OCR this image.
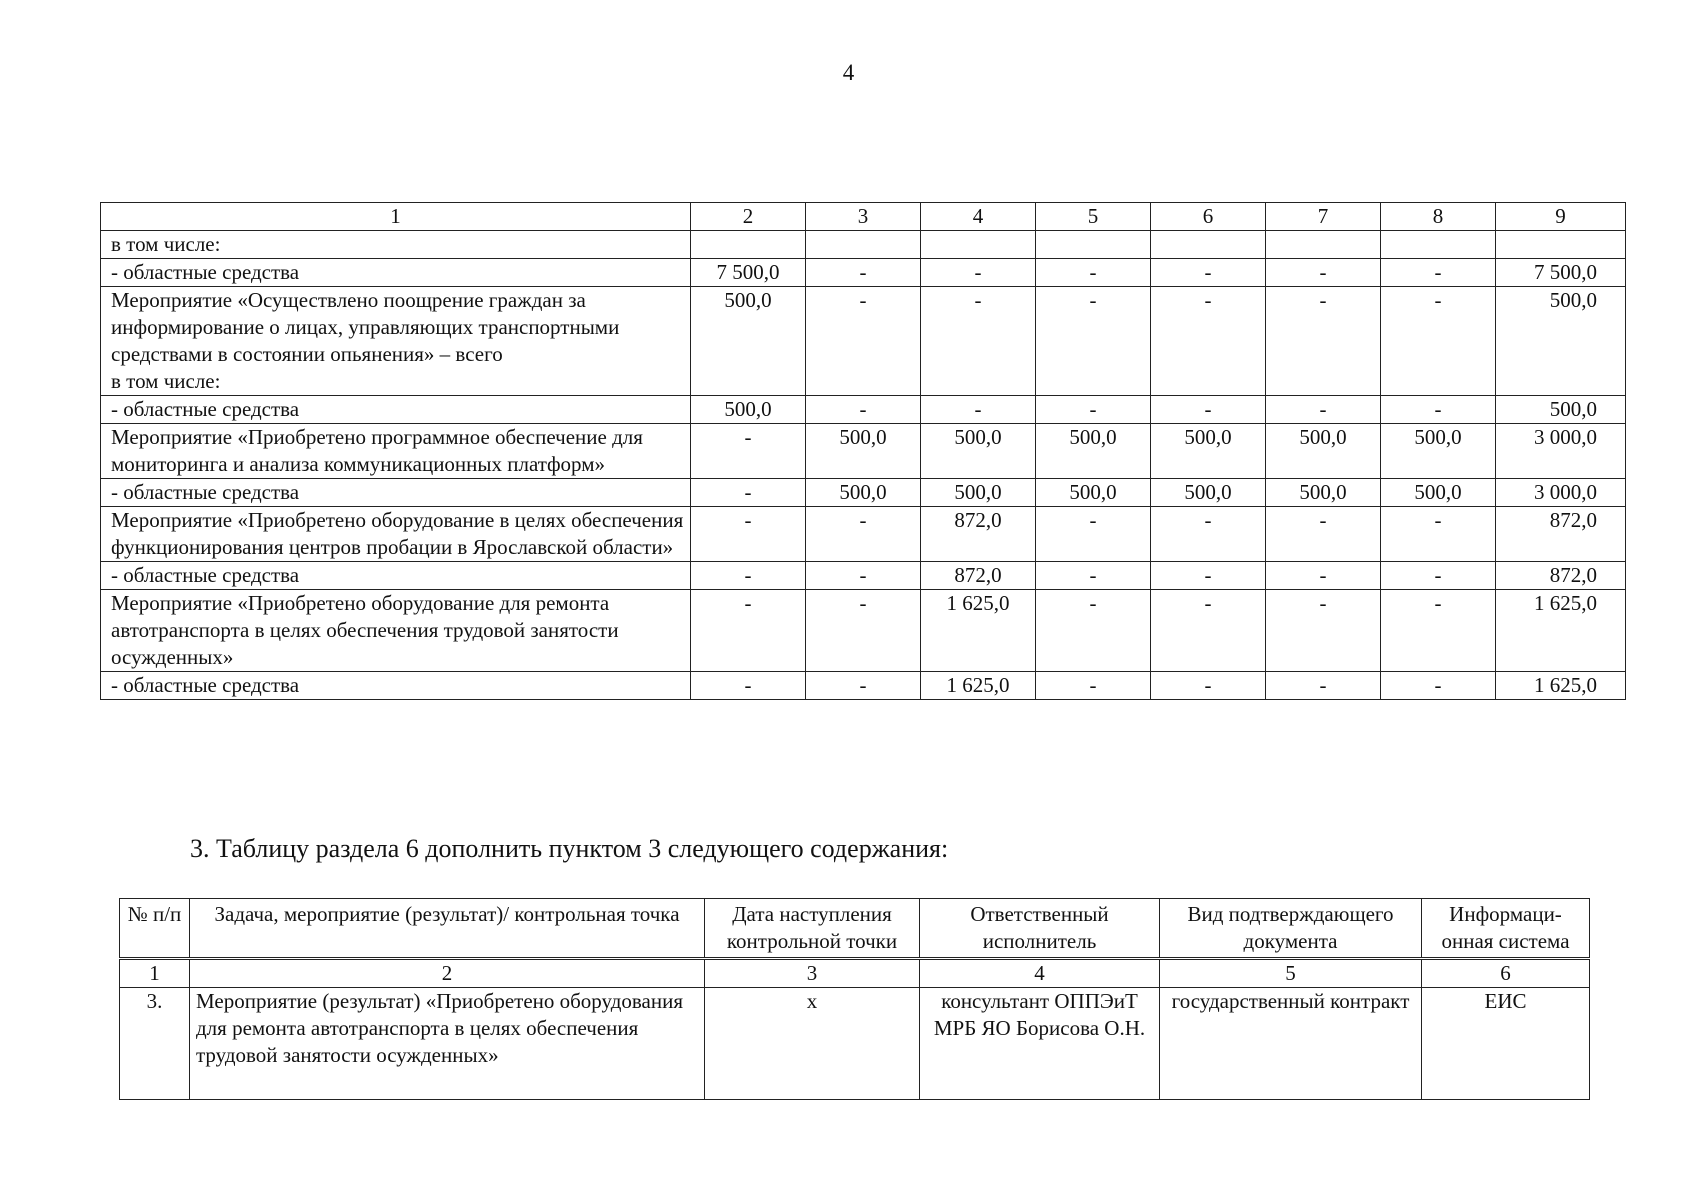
4
1	2	3	4	5	6	7	8	9
в том числе:								
- областные средства	7 500,0	-	-	-	-	-	-	7 500,0
Мероприятие «Осуществлено поощрение граждан за информирование о лицах, управляющих транспортными средствами в состоянии опьянения» – всего	500,0	-	-	-	-	-	-	500,0
в том числе:								
- областные средства	500,0	-	-	-	-	-	-	500,0
Мероприятие «Приобретено программное обеспечение для мониторинга и анализа коммуникационных платформ»	-	500,0	500,0	500,0	500,0	500,0	500,0	3 000,0
- областные средства	-	500,0	500,0	500,0	500,0	500,0	500,0	3 000,0
Мероприятие «Приобретено оборудование в целях обеспечения функционирования центров пробации в Ярославской области»	-	-	872,0	-	-	-	-	872,0
- областные средства	-	-	872,0	-	-	-	-	872,0
Мероприятие «Приобретено оборудование для ремонта автотранспорта в целях обеспечения трудовой занятости осужденных»	-	-	1 625,0	-	-	-	-	1 625,0
- областные средства	-	-	1 625,0	-	-	-	-	1 625,0
3. Таблицу раздела 6 дополнить пунктом 3 следующего содержания:
№ п/п	Задача, мероприятие (результат)/ контрольная точка	Дата наступления контрольной точки	Ответственный исполнитель	Вид подтверждающего документа	Информаци-онная система
1	2	3	4	5	6
3.	Мероприятие (результат) «Приобретено оборудования для ремонта автотранспорта в целях обеспечения трудовой занятости осужденных»	х	консультант ОППЭиТ МРБ ЯО Борисова О.Н.	государственный контракт	ЕИС
